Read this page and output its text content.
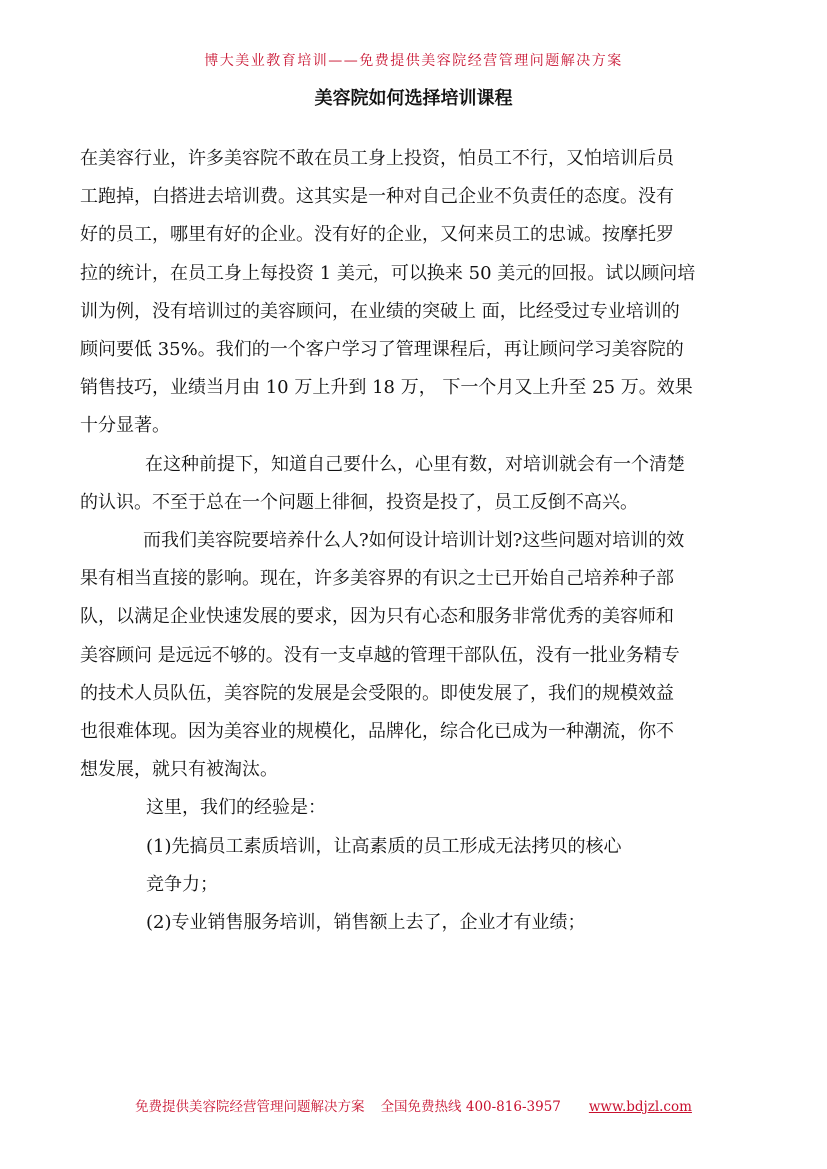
博大美业教育培训——免费提供美容院经营管理问题解决方案
美容院如何选择培训课程

在美容行业，许多美容院不敢在员工身上投资，怕员工不行，又怕培训后员
工跑掉，白搭进去培训费。这其实是一种对自己企业不负责任的态度。没有
好的员工，哪里有好的企业。没有好的企业，又何来员工的忠诚。按摩托罗
拉的统计，在员工身上每投资 1 美元，可以换来 50 美元的回报。试以顾问培
训为例，没有培训过的美容顾问，在业绩的突破上 面，比经受过专业培训的
顾问要低 35%。我们的一个客户学习了管理课程后，再让顾问学习美容院的
销售技巧，业绩当月由 10 万上升到 18 万， 下一个月又上升至 25 万。效果
十分显著。

在这种前提下，知道自己要什么，心里有数，对培训就会有一个清楚
的认识。不至于总在一个问题上徘徊，投资是投了，员工反倒不高兴。

而我们美容院要培养什么人?如何设计培训计划?这些问题对培训的效
果有相当直接的影响。现在，许多美容界的有识之士已开始自己培养种子部
队，以满足企业快速发展的要求，因为只有心态和服务非常优秀的美容师和
美容顾问 是远远不够的。没有一支卓越的管理干部队伍，没有一批业务精专
的技术人员队伍，美容院的发展是会受限的。即使发展了，我们的规模效益
也很难体现。因为美容业的规模化，品牌化，综合化已成为一种潮流，你不
想发展，就只有被淘汰。

这里，我们的经验是：
(1)先搞员工素质培训，让高素质的员工形成无法拷贝的核心
竞争力；
(2)专业销售服务培训，销售额上去了，企业才有业绩；

免费提供美容院经营管理问题解决方案 全国免费热线 400-816-3957 www.bdjzl.com
